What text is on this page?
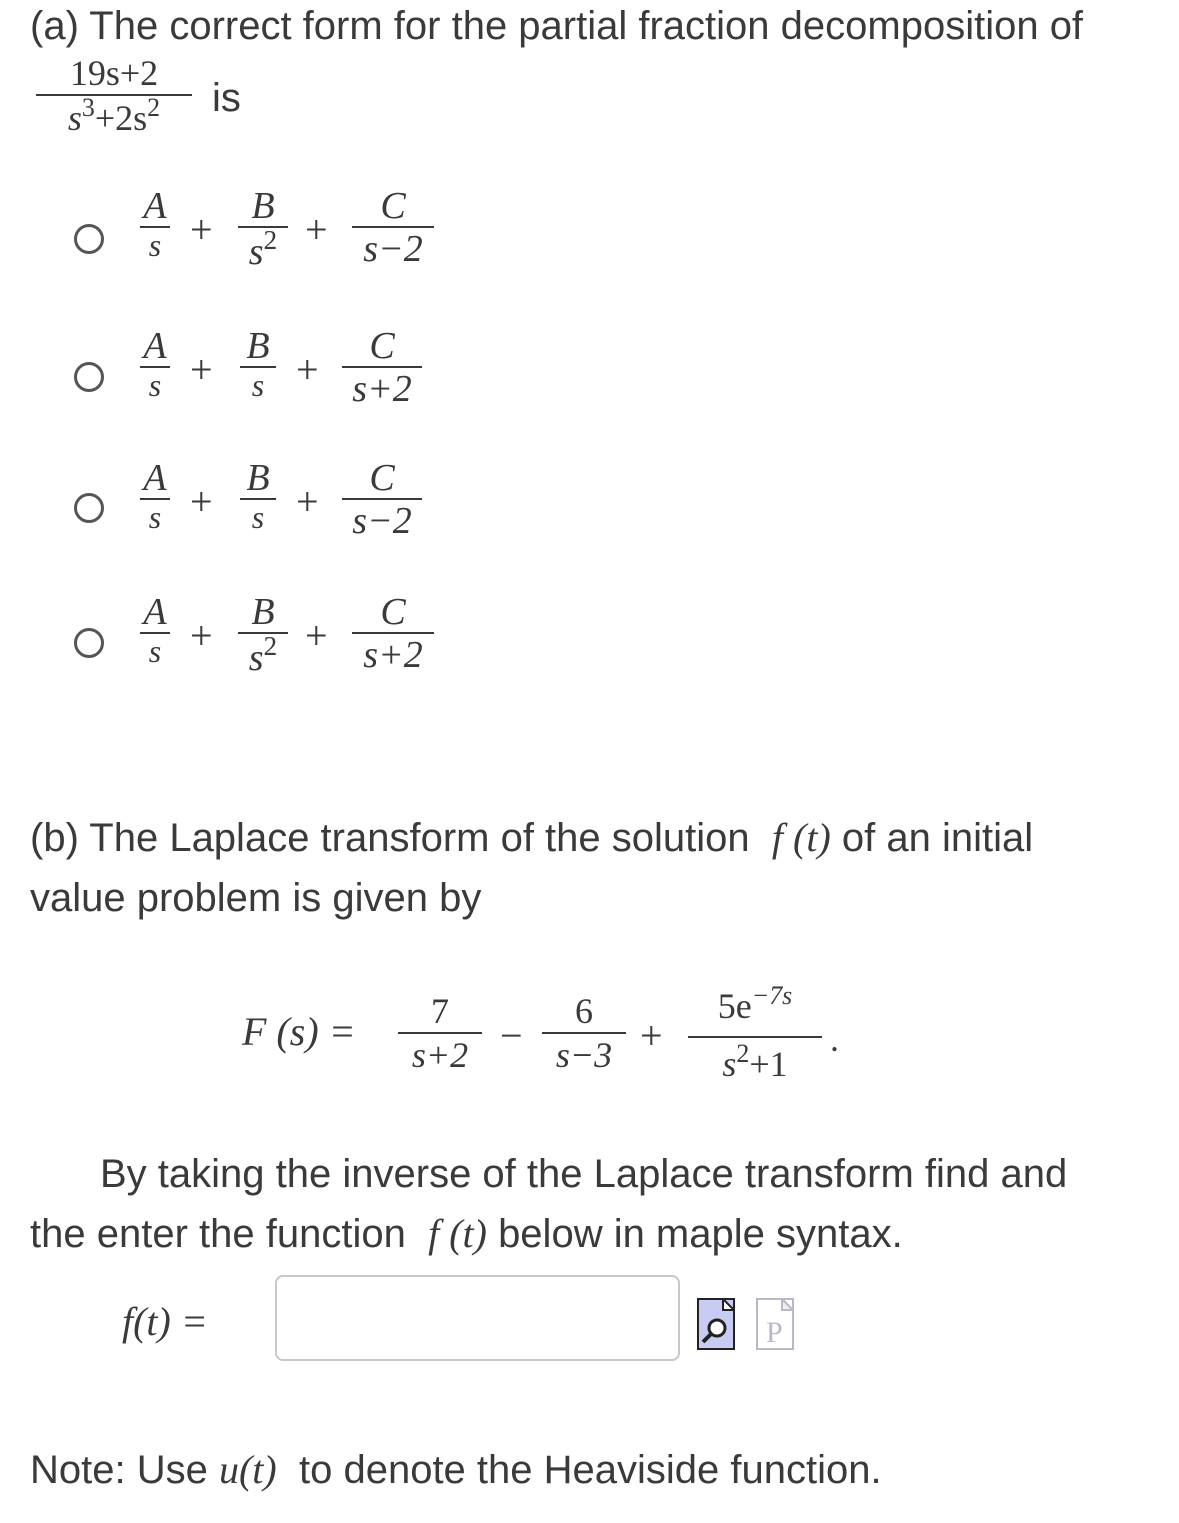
(a) The correct form for the partial fraction decomposition of
19s+2
$s^3+2s^2$	is
A
s +
B
$s^2$ +
C
s−2
A
s +
B
s +
C
s+2
A
s +
B
s +
C
s−2
A
s +
B
$s^2$ +
C
s+2
(b) The Laplace transform of the solution f (t) of an initial
value problem is given by
F (s) =	7
s+2 −
6
s−3 +
$5e^{-7s}$
$s^2+1$
.
By taking the inverse of the Laplace transform find and
the enter the function f (t) below in maple syntax.
f(t) =	P
Note: Use u(t) to denote the Heaviside function.
